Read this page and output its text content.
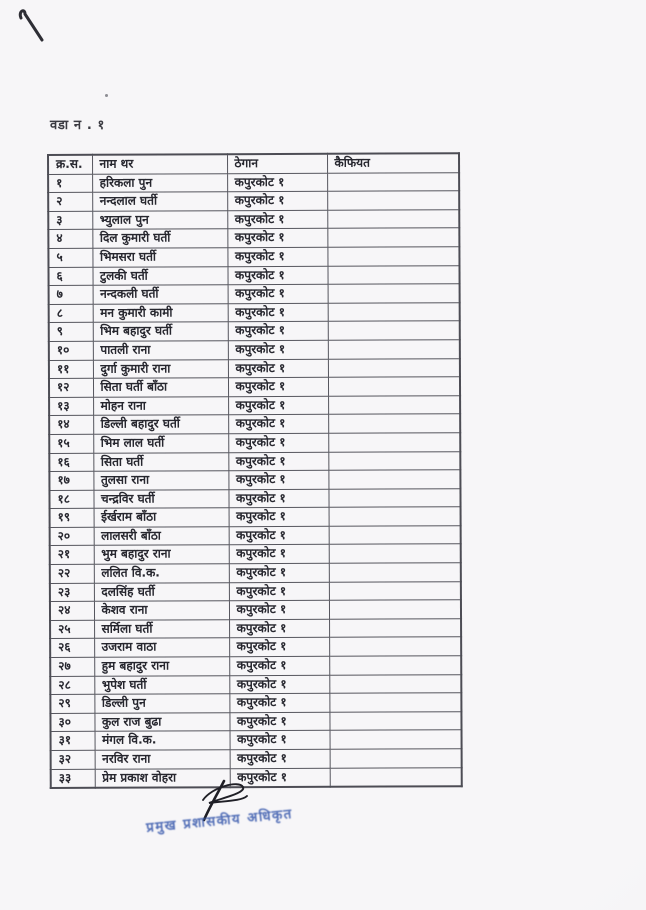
वडा न . १
क्र.स.	नाम थर	ठेगान	कैफियत
१	हरिकला पुन	कपुरकोट १	
२	नन्दलाल घर्ती	कपुरकोट १	
३	भ्युलाल पुन	कपुरकोट १	
४	दिल कुमारी घर्ती	कपुरकोट १	
५	भिमसरा घर्ती	कपुरकोट १	
६	टुलकी घर्ती	कपुरकोट १	
७	नन्दकली घर्ती	कपुरकोट १	
८	मन कुमारी कामी	कपुरकोट १	
९	भिम बहादुर घर्ती	कपुरकोट १	
१०	पातली राना	कपुरकोट १	
११	दुर्गा कुमारी राना	कपुरकोट १	
१२	सिता घर्ती बाँठा	कपुरकोट १	
१३	मोहन राना	कपुरकोट १	
१४	डिल्ली बहादुर घर्ती	कपुरकोट १	
१५	भिम लाल घर्ती	कपुरकोट १	
१६	सिता घर्ती	कपुरकोट १	
१७	तुलसा राना	कपुरकोट १	
१८	चन्द्रविर घर्ती	कपुरकोट १	
१९	ईर्खराम बाँठा	कपुरकोट १	
२०	लालसरी बाँठा	कपुरकोट १	
२१	भुम बहादुर राना	कपुरकोट १	
२२	ललित वि.क.	कपुरकोट १	
२३	दलसिंह घर्ती	कपुरकोट १	
२४	केशव राना	कपुरकोट १	
२५	सर्मिला घर्ती	कपुरकोट १	
२६	उजराम वाठा	कपुरकोट १	
२७	हुम बहादुर राना	कपुरकोट १	
२८	भुपेश घर्ती	कपुरकोट १	
२९	डिल्ली पुन	कपुरकोट १	
३०	कुल राज बुढा	कपुरकोट १	
३१	मंगल वि.क.	कपुरकोट १	
३२	नरविर राना	कपुरकोट १	
३३	प्रेम प्रकाश वोहरा	कपुरकोट १	
प्रमुख प्रशासकीय अधिकृत
